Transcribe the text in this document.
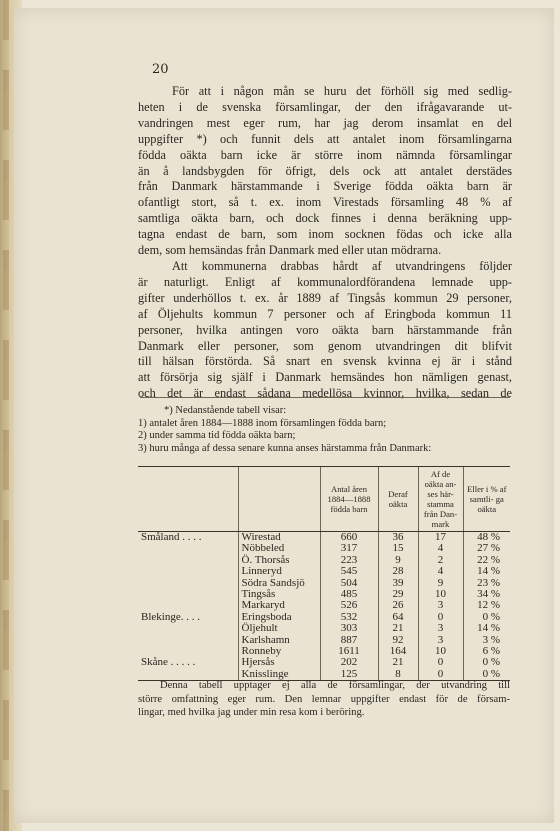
20
För att i någon mån se huru det förhöll sig med sedlig-
heten i de svenska församlingar, der den ifrågavarande ut-
vandringen mest eger rum, har jag derom insamlat en del
uppgifter *) och funnit dels att antalet inom församlingarna
födda oäkta barn icke är större inom nämnda församlingar
än å landsbygden för öfrigt, dels ock att antalet derstädes
från Danmark härstammande i Sverige födda oäkta barn är
ofantligt stort, så t. ex. inom Virestads församling 48 % af
samtliga oäkta barn, och dock finnes i denna beräkning upp-
tagna endast de barn, som inom socknen födas och icke alla
dem, som hemsändas från Danmark med eller utan mödrarna.
Att kommunerna drabbas hårdt af utvandringens följder
är naturligt. Enligt af kommunalordförandena lemnade upp-
gifter underhöllos t. ex. år 1889 af Tingsås kommun 29 personer,
af Öljehults kommun 7 personer och af Eringboda kommun 11
personer, hvilka antingen voro oäkta barn härstammande från
Danmark eller personer, som genom utvandringen dit blifvit
till hälsan förstörda. Så snart en svensk kvinna ej är i stånd
att försörja sig själf i Danmark hemsändes hon nämligen genast,
och det är endast sådana medellösa kvinnor, hvilka, sedan de
*) Nedanstående tabell visar:
1) antalet åren 1884—1888 inom församlingen födda barn;
2) under samma tid födda oäkta barn;
3) huru många af dessa senare kunna anses härstamma från Danmark:
		Antal åren 1884—1888 födda barn	Deraf oäkta	Af de oäkta an- ses här- stamma från Dan- mark	Eller i % af samtli- ga oäkta
Småland . . . .	Wirestad	660	36	17	48 %
	Nöbbeled	317	15	4	27 %
	Ö. Thorsås	223	9	2	22 %
	Linneryd	545	28	4	14 %
	Södra Sandsjö	504	39	9	23 %
	Tingsås	485	29	10	34 %
	Markaryd	526	26	3	12 %
Blekinge. . . .	Eringsboda	532	64	0	0 %
	Öljehult	303	21	3	14 %
	Karlshamn	887	92	3	3 %
	Ronneby	1611	164	10	6 %
Skåne . . . . .	Hjersås	202	21	0	0 %
	Knisslinge	125	8	0	0 %
Denna tabell upptager ej alla de församlingar, der utvandring till
större omfattning eger rum. Den lemnar uppgifter endast för de försam-
lingar, med hvilka jag under min resa kom i beröring.
